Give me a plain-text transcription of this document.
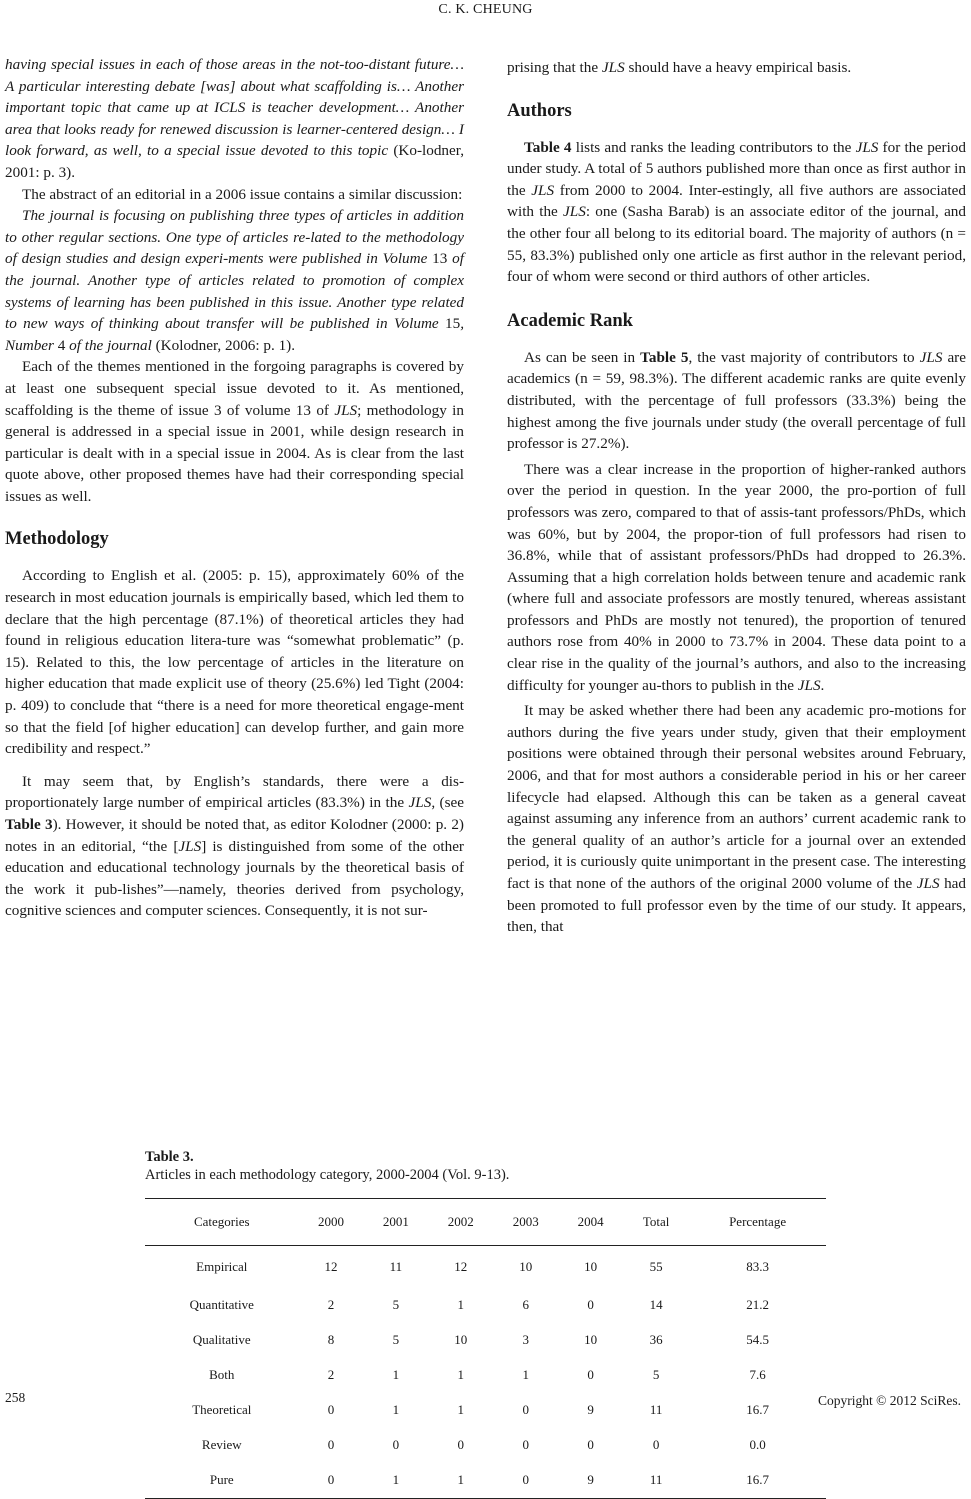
C. K. CHEUNG

having special issues in each of those areas in the not-too-distant future… A particular interesting debate [was] about what scaffolding is… Another important topic that came up at ICLS is teacher development… Another area that looks ready for renewed discussion is learner-centered design… I look forward, as well, to a special issue devoted to this topic (Ko-lodner, 2001: p. 3).

The abstract of an editorial in a 2006 issue contains a similar discussion:

The journal is focusing on publishing three types of articles in addition to other regular sections. One type of articles re-lated to the methodology of design studies and design experi-ments were published in Volume 13 of the journal. Another type of articles related to promotion of complex systems of learning has been published in this issue. Another type related to new ways of thinking about transfer will be published in Volume 15, Number 4 of the journal (Kolodner, 2006: p. 1).

Each of the themes mentioned in the forgoing paragraphs is covered by at least one subsequent special issue devoted to it. As mentioned, scaffolding is the theme of issue 3 of volume 13 of JLS; methodology in general is addressed in a special issue in 2001, while design research in particular is dealt with in a special issue in 2004. As is clear from the last quote above, other proposed themes have had their corresponding special issues as well.

Methodology

According to English et al. (2005: p. 15), approximately 60% of the research in most education journals is empirically based, which led them to declare that the high percentage (87.1%) of theoretical articles they had found in religious education litera-ture was “somewhat problematic” (p. 15). Related to this, the low percentage of articles in the literature on higher education that made explicit use of theory (25.6%) led Tight (2004: p. 409) to conclude that “there is a need for more theoretical engage-ment so that the field [of higher education] can develop further, and gain more credibility and respect.”

It may seem that, by English’s standards, there were a dis-proportionately large number of empirical articles (83.3%) in the JLS, (see Table 3). However, it should be noted that, as editor Kolodner (2000: p. 2) notes in an editorial, “the [JLS] is distinguished from some of the other education and educational technology journals by the theoretical basis of the work it pub-lishes”—namely, theories derived from psychology, cognitive sciences and computer sciences. Consequently, it is not sur-

prising that the JLS should have a heavy empirical basis.

Authors

Table 4 lists and ranks the leading contributors to the JLS for the period under study. A total of 5 authors published more than once as first author in the JLS from 2000 to 2004. Inter-estingly, all five authors are associated with the JLS: one (Sasha Barab) is an associate editor of the journal, and the other four all belong to its editorial board. The majority of authors (n = 55, 83.3%) published only one article as first author in the relevant period, four of whom were second or third authors of other articles.

Academic Rank

As can be seen in Table 5, the vast majority of contributors to JLS are academics (n = 59, 98.3%). The different academic ranks are quite evenly distributed, with the percentage of full professors (33.3%) being the highest among the five journals under study (the overall percentage of full professor is 27.2%).

There was a clear increase in the proportion of higher-ranked authors over the period in question. In the year 2000, the pro-portion of full professors was zero, compared to that of assis-tant professors/PhDs, which was 60%, but by 2004, the propor-tion of full professors had risen to 36.8%, while that of assistant professors/PhDs had dropped to 26.3%. Assuming that a high correlation holds between tenure and academic rank (where full and associate professors are mostly tenured, whereas assistant professors and PhDs are mostly not tenured), the proportion of tenured authors rose from 40% in 2000 to 73.7% in 2004. These data point to a clear rise in the quality of the journal’s authors, and also to the increasing difficulty for younger au-thors to publish in the JLS.

It may be asked whether there had been any academic pro-motions for authors during the five years under study, given that their employment positions were obtained through their personal websites around February, 2006, and that for most authors a considerable period in his or her career lifecycle had elapsed. Although this can be taken as a general caveat against assuming any inference from an authors’ current academic rank to the general quality of an author’s article for a journal over an extended period, it is curiously quite unimportant in the present case. The interesting fact is that none of the authors of the original 2000 volume of the JLS had been promoted to full professor even by the time of our study. It appears, then, that

Table 3.
Articles in each methodology category, 2000-2004 (Vol. 9-13).
Categories	2000	2001	2002	2003	2004	Total	Percentage
Empirical	12	11	12	10	10	55	83.3
Quantitative	2	5	1	6	0	14	21.2
Qualitative	8	5	10	3	10	36	54.5
Both	2	1	1	1	0	5	7.6
Theoretical	0	1	1	0	9	11	16.7
Review	0	0	0	0	0	0	0.0
Pure	0	1	1	0	9	11	16.7
258	Copyright © 2012 SciRes.
